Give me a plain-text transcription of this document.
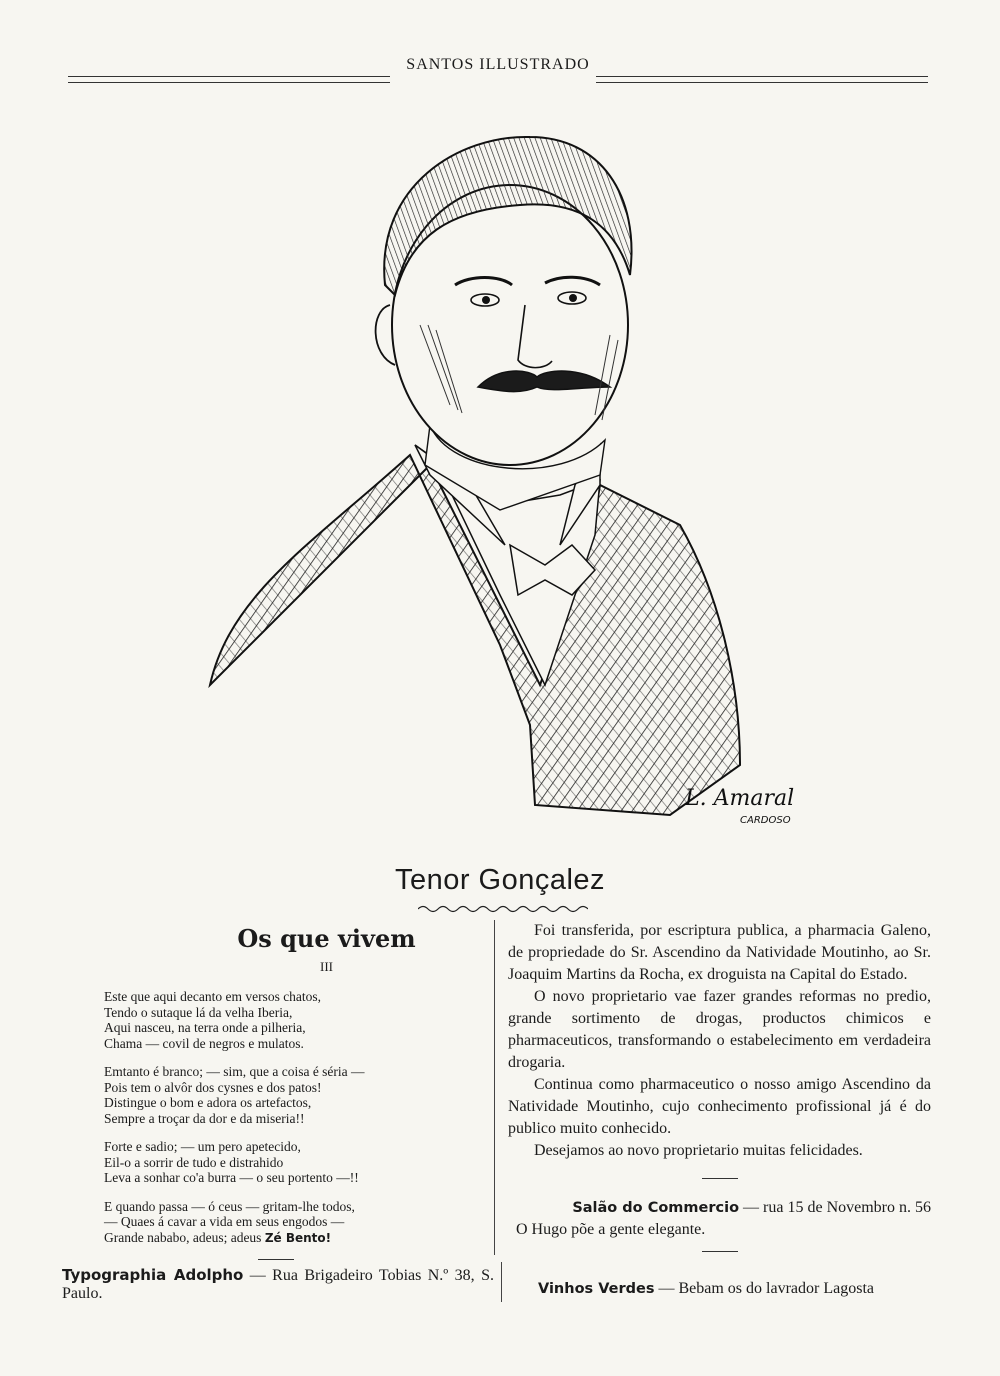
SANTOS ILLUSTRADO
L. Amaral
CARDOSO
Tenor Gonçalez
Os que vivem
III
Este que aqui decanto em versos chatos,
Tendo o sutaque lá da velha Iberia,
Aqui nasceu, na terra onde a pilheria,
Chama — covil de negros e mulatos.
Emtanto é branco; — sim, que a coisa é séria —
Pois tem o alvôr dos cysnes e dos patos!
Distingue o bom e adora os artefactos,
Sempre a troçar da dor e da miseria!!
Forte e sadio; — um pero apetecido,
Eil-o a sorrir de tudo e distrahido
Leva a sonhar co'a burra — o seu portento —!!
E quando passa — ó ceus — gritam-lhe todos,
— Quaes á cavar a vida em seus engodos —
Grande nababo, adeus; adeus Zé Bento!
Typographia Adolpho — Rua Brigadeiro Tobias N.º 38, S. Paulo.

Foi transferida, por escriptura publica, a pharmacia Galeno, de propriedade do Sr. Ascendino da Natividade Moutinho, ao Sr. Joaquim Martins da Rocha, ex droguista na Capital do Estado.

O novo proprietario vae fazer grandes reformas no predio, grande sortimento de drogas, productos chimicos e pharmaceuticos, transformando o estabelecimento em verdadeira drogaria.

Continua como pharmaceutico o nosso amigo Ascendino da Natividade Moutinho, cujo conhecimento profissional já é do publico muito conhecido.

Desejamos ao novo proprietario muitas felicidades.

Salão do Commercio — rua 15 de Novembro n. 56
O Hugo põe a gente elegante.
Vinhos Verdes — Bebam os do lavrador Lagosta
